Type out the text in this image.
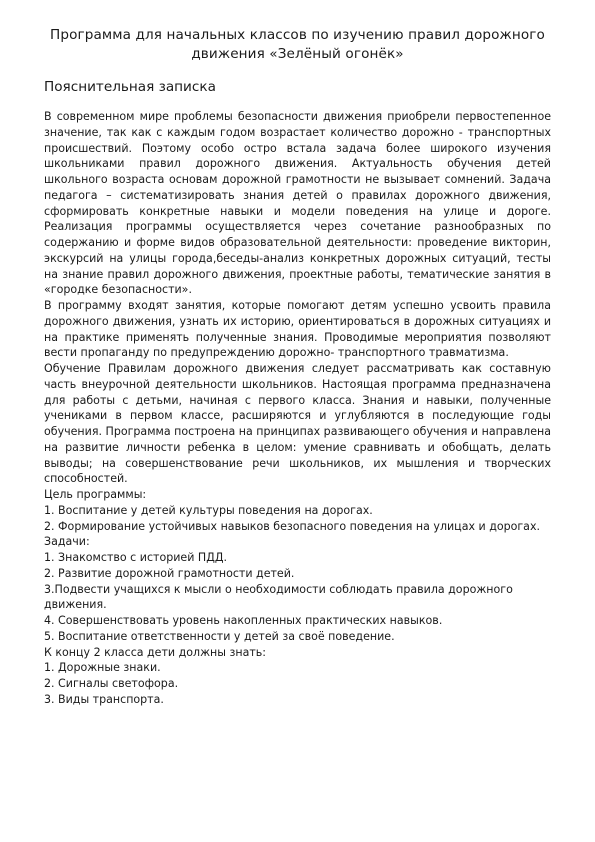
Программа для начальных классов по изучению правил дорожного движения «Зелёный огонёк»
Пояснительная записка

В современном мире проблемы безопасности движения приобрели первостепенное значение, так как с каждым годом возрастает количество дорожно - транспортных происшествий. Поэтому особо остро встала задача более широкого изучения школьниками правил дорожного движения. Актуальность обучения детей школьного возраста основам дорожной грамотности не вызывает сомнений. Задача педагога – систематизировать знания детей о правилах дорожного движения, сформировать конкретные навыки и модели поведения на улице и дороге. Реализация программы осуществляется через сочетание разнообразных по содержанию и форме видов образовательной деятельности: проведение викторин, экскурсий на улицы города,беседы-анализ конкретных дорожных ситуаций, тесты на знание правил дорожного движения, проектные работы, тематические занятия в «городке безопасности».

В программу входят занятия, которые помогают детям успешно усвоить правила дорожного движения, узнать их историю, ориентироваться в дорожных ситуациях и на практике применять полученные знания. Проводимые мероприятия позволяют вести пропаганду по предупреждению дорожно- транспортного травматизма.

Обучение Правилам дорожного движения следует рассматривать как составную часть внеурочной деятельности школьников. Настоящая программа предназначена для работы с детьми, начиная с первого класса. Знания и навыки, полученные учениками в первом классе, расширяются и углубляются в последующие годы обучения. Программа построена на принципах развивающего обучения и направлена на развитие личности ребенка в целом: умение сравнивать и обобщать, делать выводы; на совершенствование речи школьников, их мышления и творческих способностей.

Цель программы:

1. Воспитание у детей культуры поведения на дорогах.

2. Формирование устойчивых навыков безопасного поведения на улицах и дорогах.

Задачи:

1. Знакомство с историей ПДД.

2. Развитие дорожной грамотности детей.

3.Подвести учащихся к мысли о необходимости соблюдать правила дорожного движения.

4. Совершенствовать уровень накопленных практических навыков.

5. Воспитание ответственности у детей за своё поведение.

К концу 2 класса дети должны знать:

1. Дорожные знаки.

2. Сигналы светофора.

3. Виды транспорта.
